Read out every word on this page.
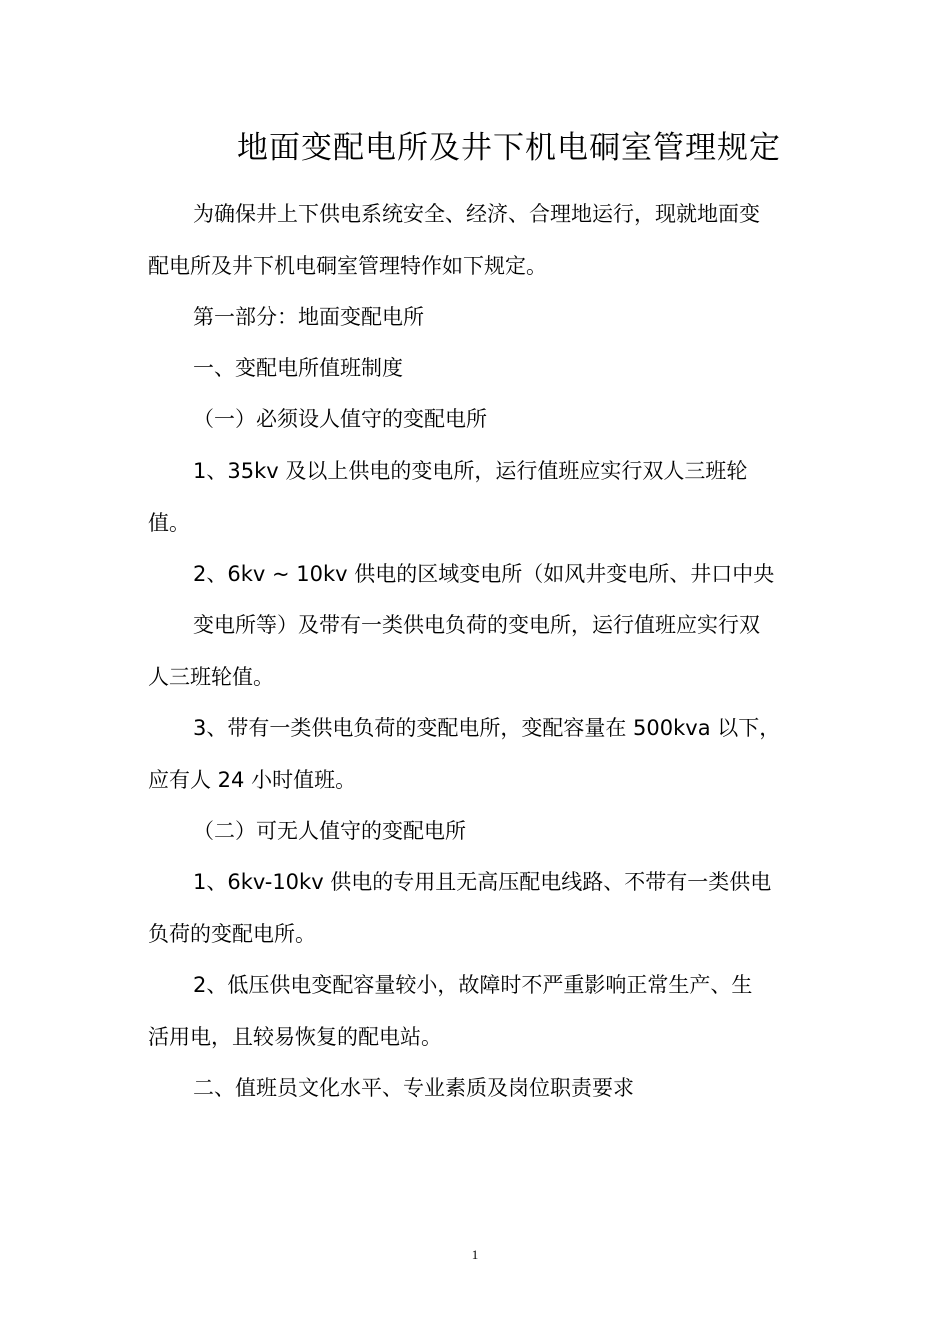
地面变配电所及井下机电硐室管理规定
为确保井上下供电系统安全、经济、合理地运行，现就地面变
配电所及井下机电硐室管理特作如下规定。
第一部分：地面变配电所
一、变配电所值班制度
（一）必须设人值守的变配电所
1、35kv 及以上供电的变电所，运行值班应实行双人三班轮
值。
2、6kv ~ 10kv 供电的区域变电所（如风井变电所、井口中央
变电所等）及带有一类供电负荷的变电所，运行值班应实行双
人三班轮值。
3、带有一类供电负荷的变配电所，变配容量在 500kva 以下，
应有人 24 小时值班。
（二）可无人值守的变配电所
1、6kv-10kv 供电的专用且无高压配电线路、不带有一类供电
负荷的变配电所。
2、低压供电变配容量较小，故障时不严重影响正常生产、生
活用电，且较易恢复的配电站。
二、值班员文化水平、专业素质及岗位职责要求
1
